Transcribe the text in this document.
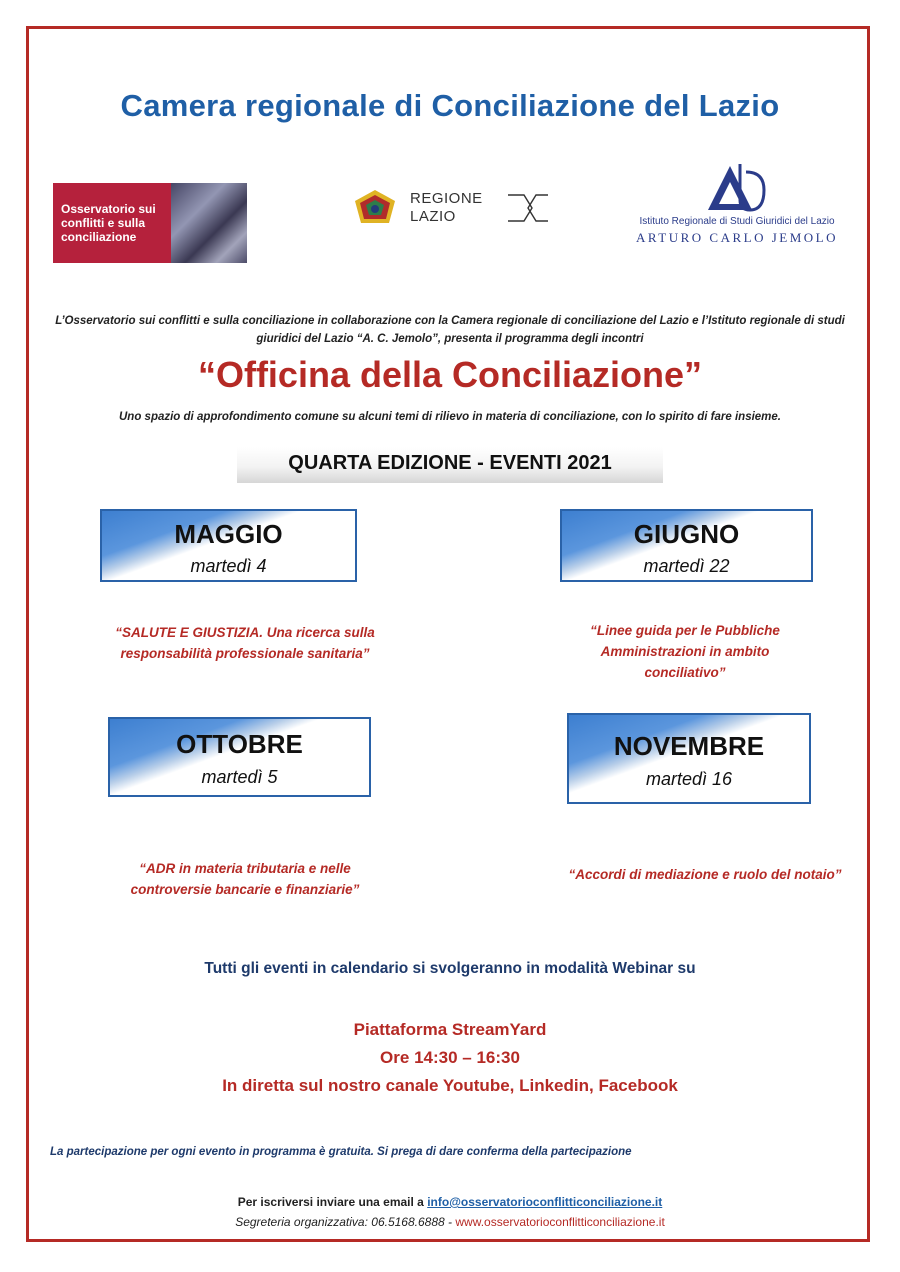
Camera regionale di Conciliazione del Lazio
Osservatorio sui conflitti e sulla conciliazione
REGIONE
LAZIO	Istituto Regionale di Studi Giuridici del Lazio
ARTURO CARLO JEMOLO
L’Osservatorio sui conflitti e sulla conciliazione in collaborazione con la Camera regionale di conciliazione del Lazio e l’Istituto regionale di studi giuridici del Lazio “A. C. Jemolo”, presenta il programma degli incontri
“Officina della Conciliazione”
Uno spazio di approfondimento comune su alcuni temi di rilievo in materia di conciliazione, con lo spirito di fare insieme.
QUARTA EDIZIONE - EVENTI 2021
MAGGIO
martedì 4
“SALUTE E GIUSTIZIA. Una ricerca sulla responsabilità professionale sanitaria”
GIUGNO
martedì 22
“Linee guida per le Pubbliche Amministrazioni in ambito conciliativo”
OTTOBRE
martedì 5
“ADR in materia tributaria e nelle controversie bancarie e finanziarie”
NOVEMBRE
martedì 16
“Accordi di mediazione e ruolo del notaio”
Tutti gli eventi in calendario si svolgeranno in modalità Webinar su
Piattaforma StreamYard
Ore 14:30 – 16:30
In diretta sul nostro canale Youtube, Linkedin, Facebook
La partecipazione per ogni evento in programma è gratuita. Si prega di dare conferma della partecipazione
Per iscriversi inviare una email a info@osservatorioconflitticonciliazione.it
Segreteria organizzativa: 06.5168.6888 - www.osservatorioconflitticonciliazione.it
